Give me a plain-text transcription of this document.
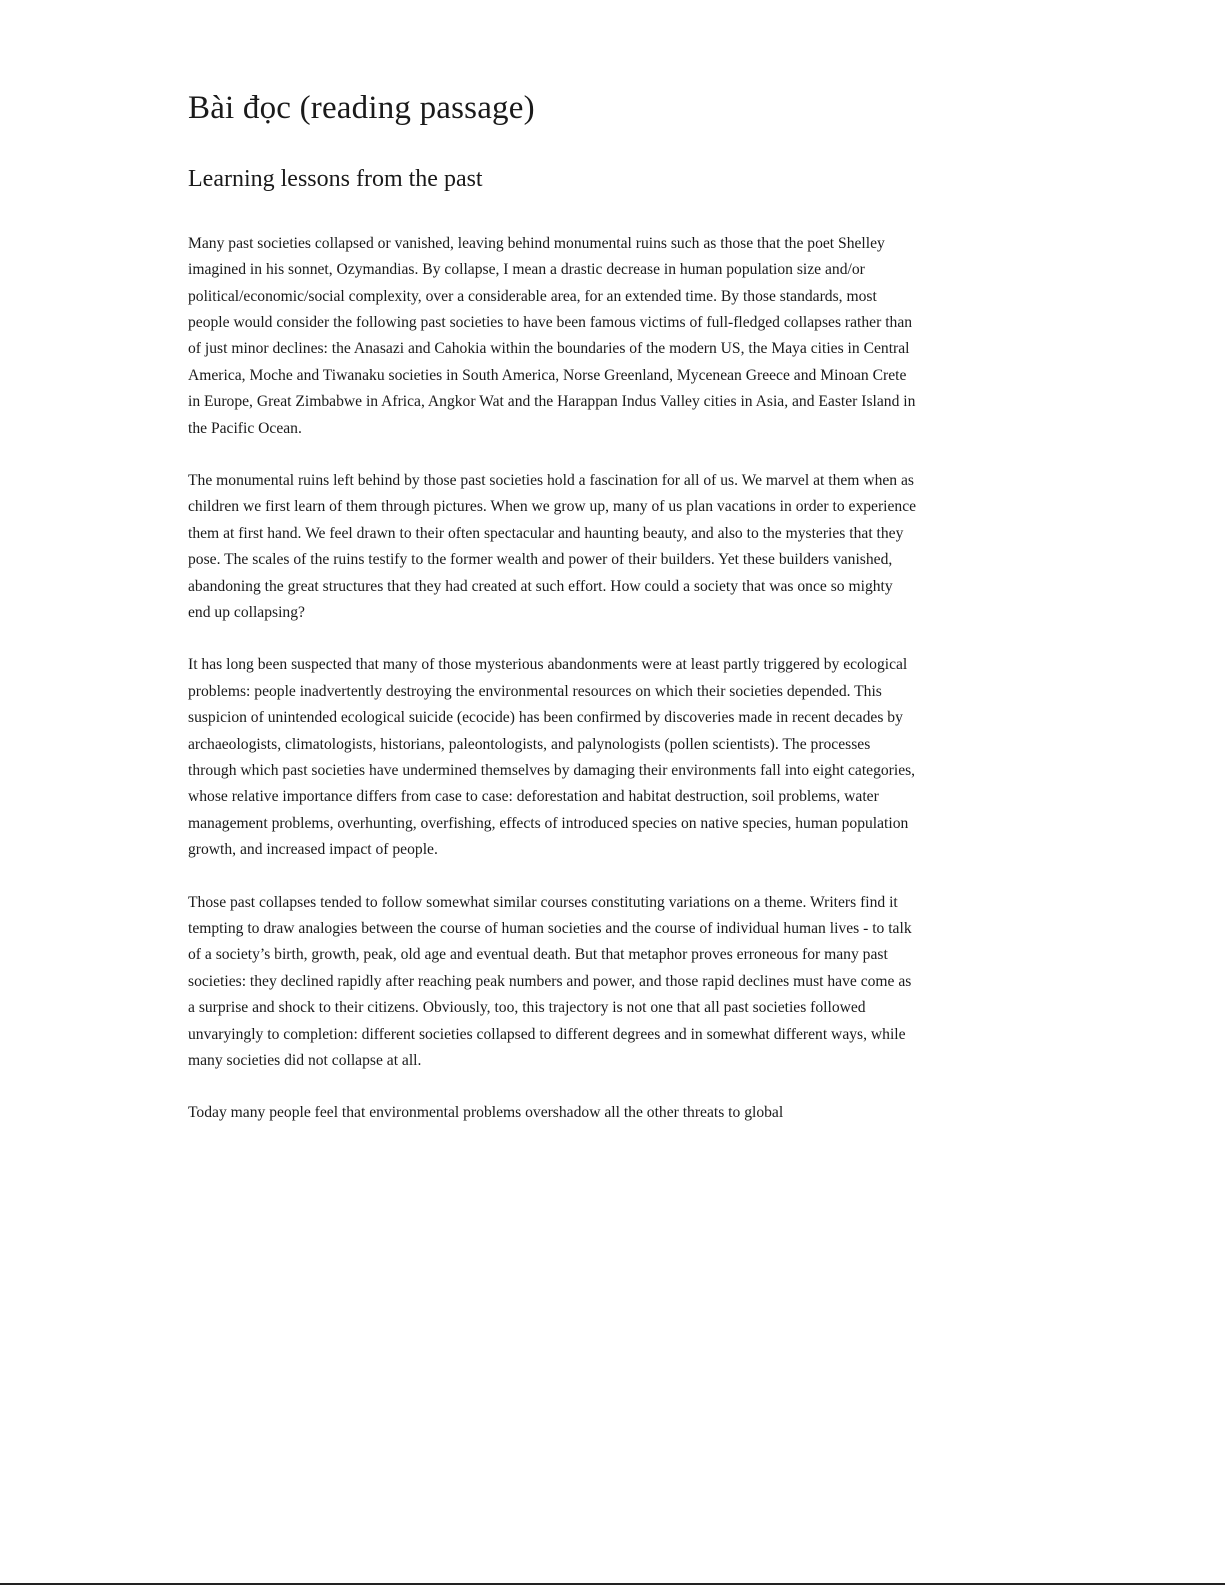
Bài đọc (reading passage)
Learning lessons from the past

Many past societies collapsed or vanished, leaving behind monumental ruins such as those that the poet Shelley imagined in his sonnet, Ozymandias. By collapse, I mean a drastic decrease in human population size and/or political/economic/social complexity, over a considerable area, for an extended time. By those standards, most people would consider the following past societies to have been famous victims of full-fledged collapses rather than of just minor declines: the Anasazi and Cahokia within the boundaries of the modern US, the Maya cities in Central America, Moche and Tiwanaku societies in South America, Norse Greenland, Mycenean Greece and Minoan Crete in Europe, Great Zimbabwe in Africa, Angkor Wat and the Harappan Indus Valley cities in Asia, and Easter Island in the Pacific Ocean.

The monumental ruins left behind by those past societies hold a fascination for all of us. We marvel at them when as children we first learn of them through pictures. When we grow up, many of us plan vacations in order to experience them at first hand. We feel drawn to their often spectacular and haunting beauty, and also to the mysteries that they pose. The scales of the ruins testify to the former wealth and power of their builders. Yet these builders vanished, abandoning the great structures that they had created at such effort. How could a society that was once so mighty end up collapsing?

It has long been suspected that many of those mysterious abandonments were at least partly triggered by ecological problems: people inadvertently destroying the environmental resources on which their societies depended. This suspicion of unintended ecological suicide (ecocide) has been confirmed by discoveries made in recent decades by archaeologists, climatologists, historians, paleontologists, and palynologists (pollen scientists). The processes through which past societies have undermined themselves by damaging their environments fall into eight categories, whose relative importance differs from case to case: deforestation and habitat destruction, soil problems, water management problems, overhunting, overfishing, effects of introduced species on native species, human population growth, and increased impact of people.

Those past collapses tended to follow somewhat similar courses constituting variations on a theme. Writers find it tempting to draw analogies between the course of human societies and the course of individual human lives - to talk of a society’s birth, growth, peak, old age and eventual death. But that metaphor proves erroneous for many past societies: they declined rapidly after reaching peak numbers and power, and those rapid declines must have come as a surprise and shock to their citizens. Obviously, too, this trajectory is not one that all past societies followed unvaryingly to completion: different societies collapsed to different degrees and in somewhat different ways, while many societies did not collapse at all.

Today many people feel that environmental problems overshadow all the other threats to global
